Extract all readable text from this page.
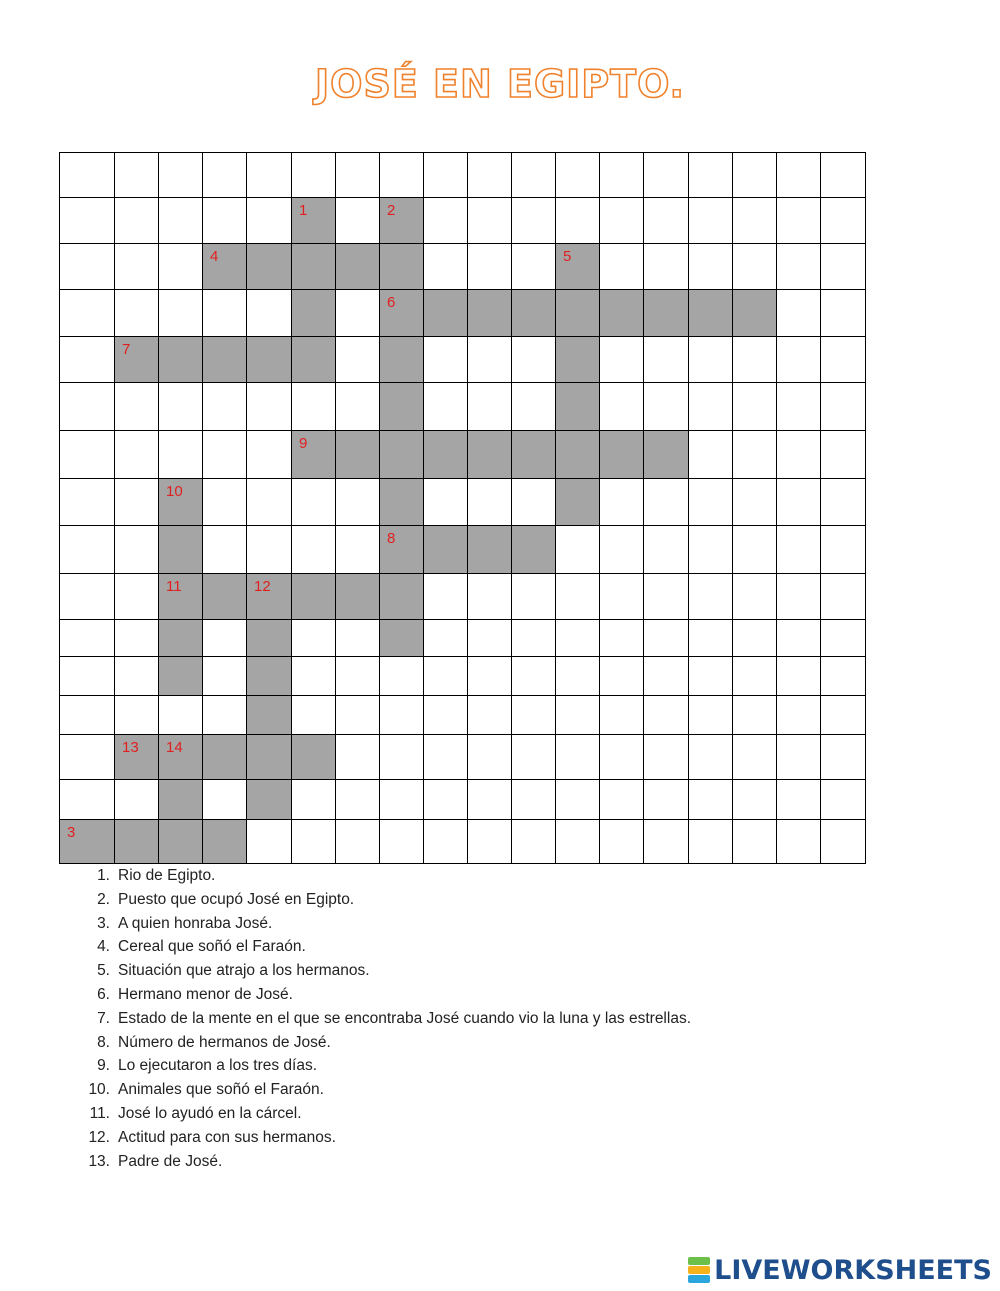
JOSÉ EN EGIPTO.
1	2
4	5
6
7
9
10
8
11	12
13 14
3
1. Rio de Egipto.
2. Puesto que ocupó José en Egipto.
3. A quien honraba José.
4. Cereal que soñó el Faraón.
5. Situación que atrajo a los hermanos.
6. Hermano menor de José.
7. Estado de la mente en el que se encontraba José cuando vio la luna y las estrellas.
8. Número de hermanos de José.
9. Lo ejecutaron a los tres días.
10. Animales que soñó el Faraón.
11. José lo ayudó en la cárcel.
12. Actitud para con sus hermanos.
13. Padre de José.
LIVEWORKSHEETS
